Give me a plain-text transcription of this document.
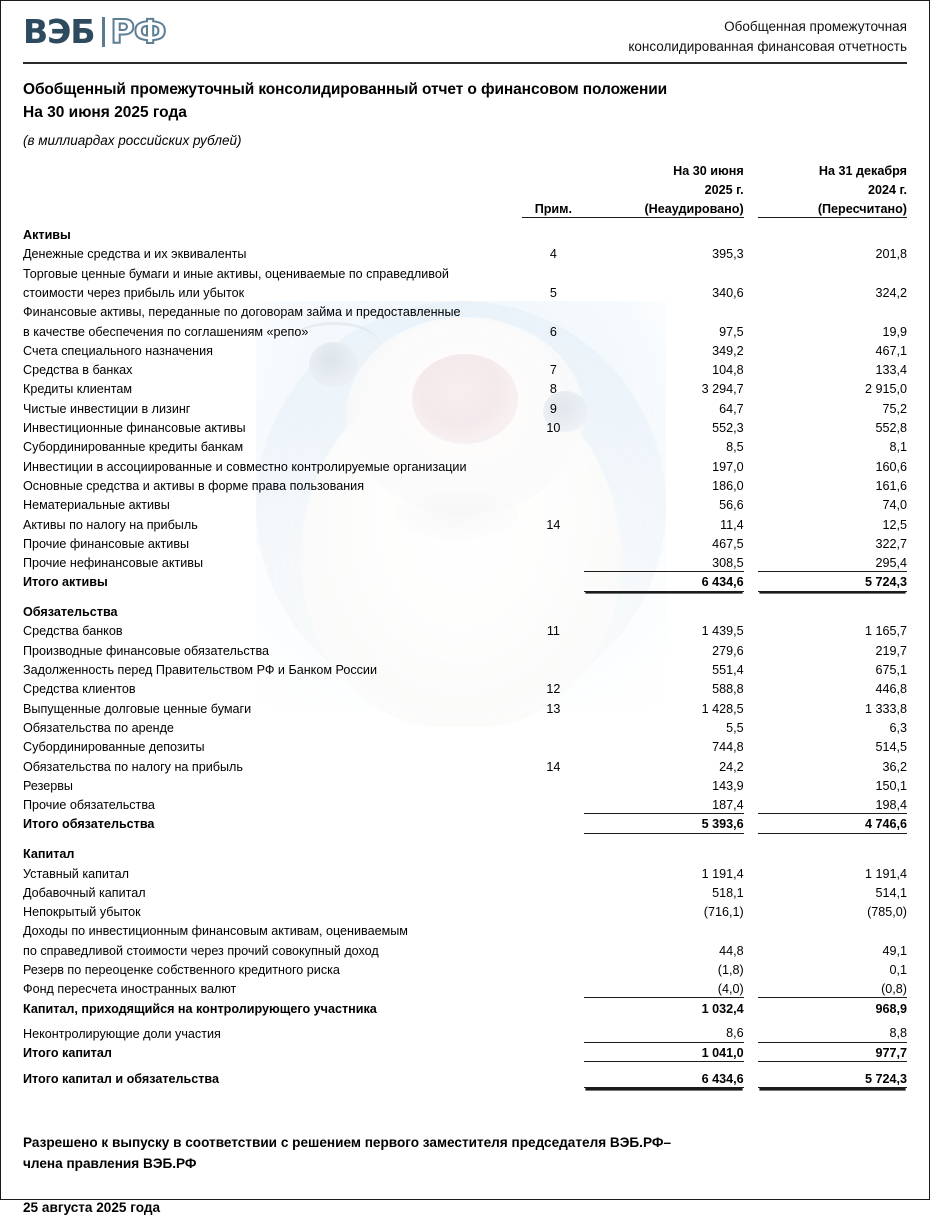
ВЭБ РФ	Обобщенная промежуточная
консолидированная финансовая отчетность
Обобщенный промежуточный консолидированный отчет о финансовом положении
На 30 июня 2025 года
(в миллиардах российских рублей)
		На 30 июня		На 31 декабря
		2025 г.		2024 г.
	Прим.	(Неаудировано)		(Пересчитано)

Активы				
Денежные средства и их эквиваленты	4	395,3		201,8
Торговые ценные бумаги и иные активы, оцениваемые по справедливой				
стоимости через прибыль или убыток	5	340,6		324,2
Финансовые активы, переданные по договорам займа и предоставленные				
в качестве обеспечения по соглашениям «репо»	6	97,5		19,9
Счета специального назначения		349,2		467,1
Средства в банках	7	104,8		133,4
Кредиты клиентам	8	3 294,7		2 915,0
Чистые инвестиции в лизинг	9	64,7		75,2
Инвестиционные финансовые активы	10	552,3		552,8
Субординированные кредиты банкам		8,5		8,1
Инвестиции в ассоциированные и совместно контролируемые организации		197,0		160,6
Основные средства и активы в форме права пользования		186,0		161,6
Нематериальные активы		56,6		74,0
Активы по налогу на прибыль	14	11,4		12,5
Прочие финансовые активы		467,5		322,7
Прочие нефинансовые активы		308,5		295,4
Итого активы		6 434,6		5 724,3

Обязательства				
Средства банков	11	1 439,5		1 165,7
Производные финансовые обязательства		279,6		219,7
Задолженность перед Правительством РФ и Банком России		551,4		675,1
Средства клиентов	12	588,8		446,8
Выпущенные долговые ценные бумаги	13	1 428,5		1 333,8
Обязательства по аренде		5,5		6,3
Субординированные депозиты		744,8		514,5
Обязательства по налогу на прибыль	14	24,2		36,2
Резервы		143,9		150,1
Прочие обязательства		187,4		198,4
Итого обязательства		5 393,6		4 746,6

Капитал				
Уставный капитал		1 191,4		1 191,4
Добавочный капитал		518,1		514,1
Непокрытый убыток		(716,1)		(785,0)
Доходы по инвестиционным финансовым активам, оцениваемым				
по справедливой стоимости через прочий совокупный доход		44,8		49,1
Резерв по переоценке собственного кредитного риска		(1,8)		0,1
Фонд пересчета иностранных валют		(4,0)		(0,8)
Капитал, приходящийся на контролирующего участника		1 032,4		968,9

Неконтролирующие доли участия		8,6		8,8
Итого капитал		1 041,0		977,7

Итого капитал и обязательства		6 434,6		5 724,3
Разрешено к выпуску в соответствии с решением первого заместителя председателя ВЭБ.РФ–
члена правления ВЭБ.РФ
25 августа 2025 года
